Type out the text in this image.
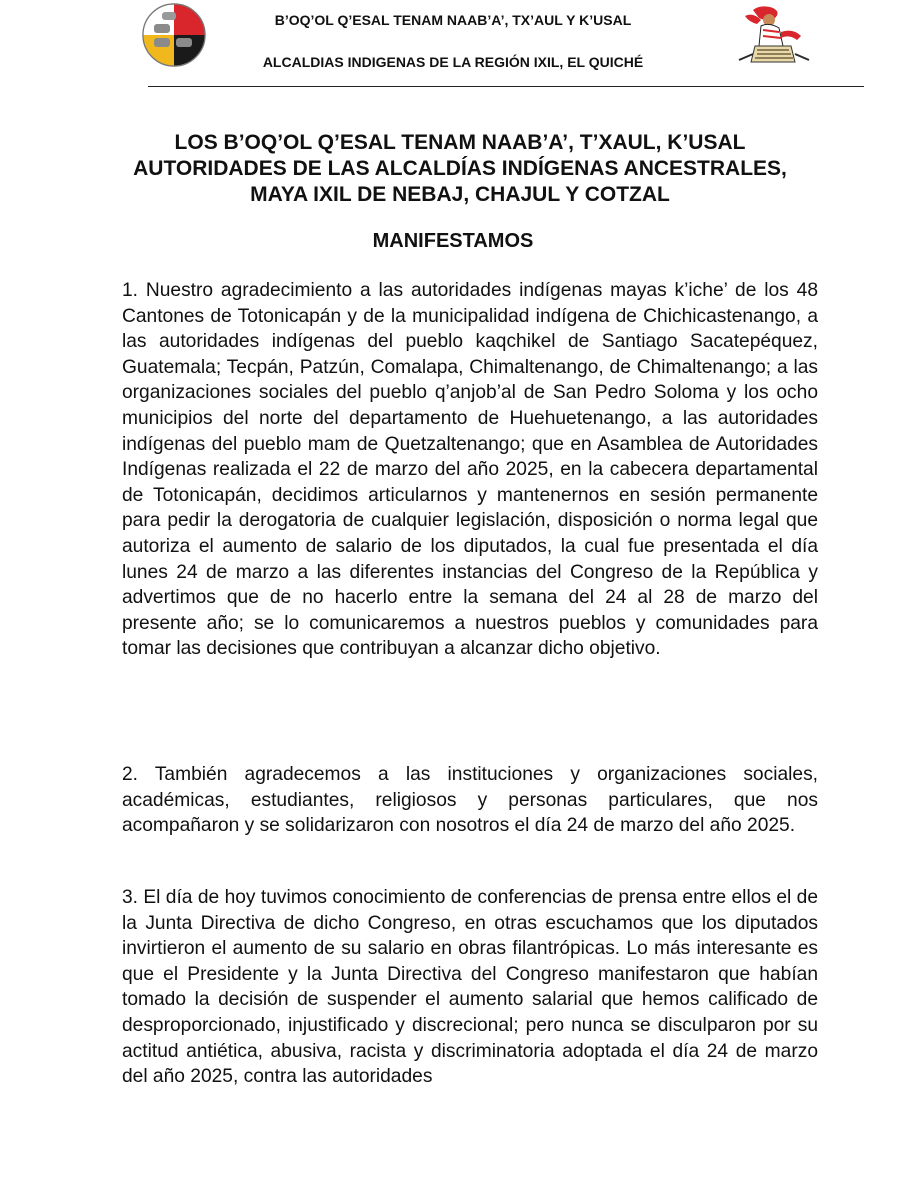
B’OQ’OL Q’ESAL TENAM NAAB’A’, TX’AUL Y K’USAL
ALCALDIAS INDIGENAS DE LA REGIÓN IXIL, EL QUICHÉ
LOS B’OQ’OL Q’ESAL TENAM NAAB’A’, T’XAUL, K’USAL
AUTORIDADES DE LAS ALCALDÍAS INDÍGENAS ANCESTRALES,
MAYA IXIL DE NEBAJ, CHAJUL Y COTZAL
MANIFESTAMOS

1. Nuestro agradecimiento a las autoridades indígenas mayas k’iche’ de los 48 Cantones de Totonicapán y de la municipalidad indígena de Chichicastenango, a las autoridades indígenas del pueblo kaqchikel de Santiago Sacatepéquez, Guatemala; Tecpán, Patzún, Comalapa, Chimaltenango, de Chimaltenango; a las organizaciones sociales del pueblo q’anjob’al de San Pedro Soloma y los ocho municipios del norte del departamento de Huehuetenango, a las autoridades indígenas del pueblo mam de Quetzaltenango; que en Asamblea de Autoridades Indígenas realizada el 22 de marzo del año 2025, en la cabecera departamental de Totonicapán, decidimos articularnos y mantenernos en sesión permanente para pedir la derogatoria de cualquier legislación, disposición o norma legal que autoriza el aumento de salario de los diputados, la cual fue presentada el día lunes 24 de marzo a las diferentes instancias del Congreso de la República y advertimos que de no hacerlo entre la semana del 24 al 28 de marzo del presente año; se lo comunicaremos a nuestros pueblos y comunidades para tomar las decisiones que contribuyan a alcanzar dicho objetivo.

2. También agradecemos a las instituciones y organizaciones sociales, académicas, estudiantes, religiosos y personas particulares, que nos acompañaron y se solidarizaron con nosotros el día 24 de marzo del año 2025.

3. El día de hoy tuvimos conocimiento de conferencias de prensa entre ellos el de la Junta Directiva de dicho Congreso, en otras escuchamos que los diputados invirtieron el aumento de su salario en obras filantrópicas. Lo más interesante es que el Presidente y la Junta Directiva del Congreso manifestaron que habían tomado la decisión de suspender el aumento salarial que hemos calificado de desproporcionado, injustificado y discrecional; pero nunca se disculparon por su actitud antiética, abusiva, racista y discriminatoria adoptada el día 24 de marzo del año 2025, contra las autoridades
